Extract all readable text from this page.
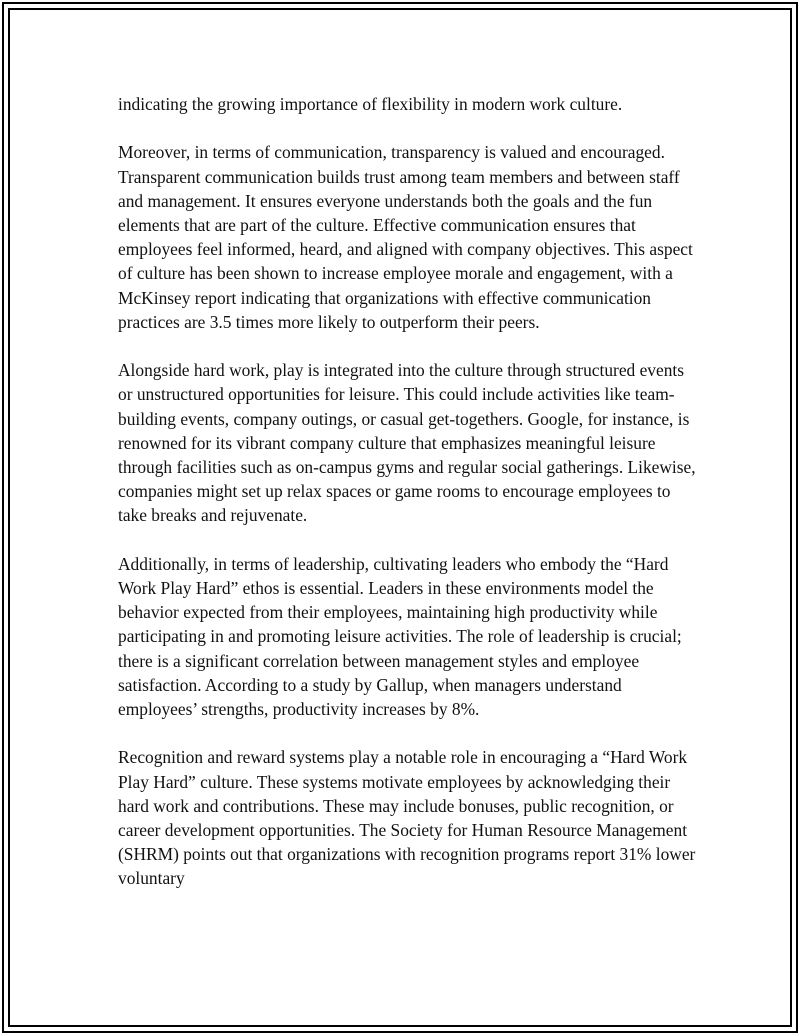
indicating the growing importance of flexibility in modern work culture.

Moreover, in terms of communication, transparency is valued and encouraged. Transparent communication builds trust among team members and between staff and management. It ensures everyone understands both the goals and the fun elements that are part of the culture. Effective communication ensures that employees feel informed, heard, and aligned with company objectives. This aspect of culture has been shown to increase employee morale and engagement, with a McKinsey report indicating that organizations with effective communication practices are 3.5 times more likely to outperform their peers.

Alongside hard work, play is integrated into the culture through structured events or unstructured opportunities for leisure. This could include activities like team-building events, company outings, or casual get-togethers. Google, for instance, is renowned for its vibrant company culture that emphasizes meaningful leisure through facilities such as on-campus gyms and regular social gatherings. Likewise, companies might set up relax spaces or game rooms to encourage employees to take breaks and rejuvenate.

Additionally, in terms of leadership, cultivating leaders who embody the “Hard Work Play Hard” ethos is essential. Leaders in these environments model the behavior expected from their employees, maintaining high productivity while participating in and promoting leisure activities. The role of leadership is crucial; there is a significant correlation between management styles and employee satisfaction. According to a study by Gallup, when managers understand employees’ strengths, productivity increases by 8%.

Recognition and reward systems play a notable role in encouraging a “Hard Work Play Hard” culture. These systems motivate employees by acknowledging their hard work and contributions. These may include bonuses, public recognition, or career development opportunities. The Society for Human Resource Management (SHRM) points out that organizations with recognition programs report 31% lower voluntary
